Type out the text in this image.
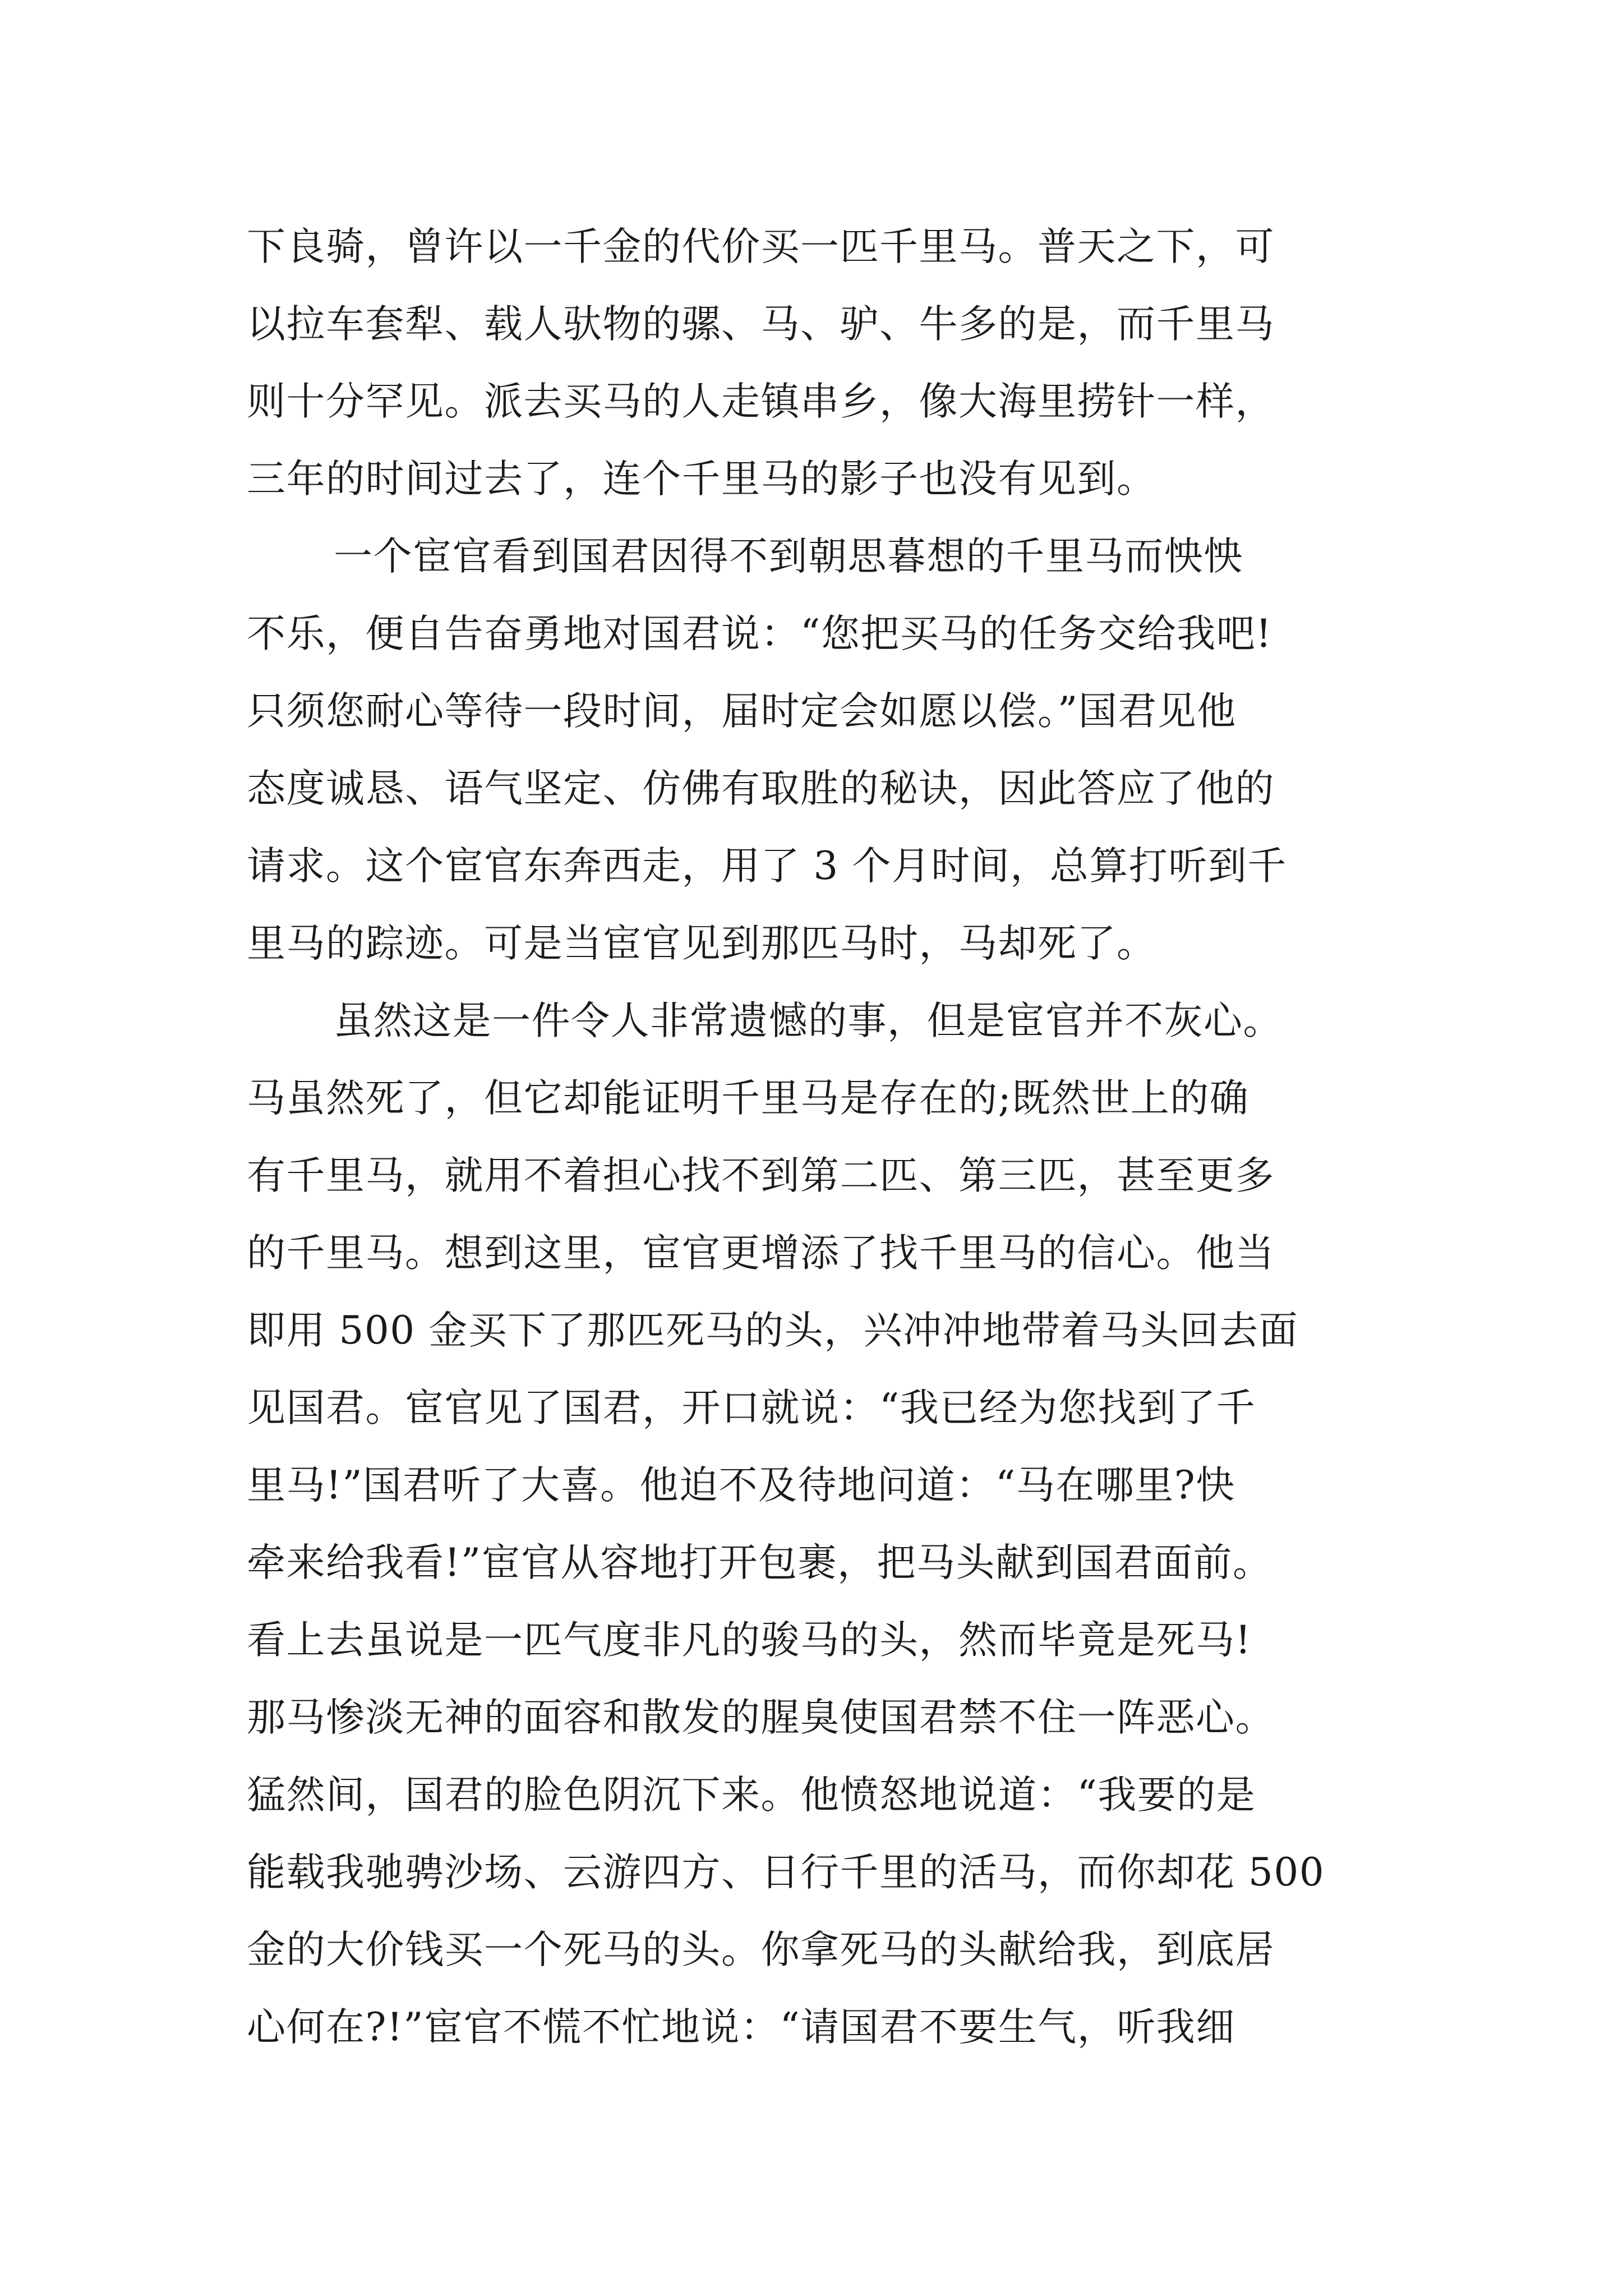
下良骑，曾许以一千金的代价买一匹千里马。普天之下，可
以拉车套犁、载人驮物的骡、马、驴、牛多的是，而千里马
则十分罕见。派去买马的人走镇串乡，像大海里捞针一样，
三年的时间过去了，连个千里马的影子也没有见到。
一个宦官看到国君因得不到朝思暮想的千里马而怏怏
不乐，便自告奋勇地对国君说：“您把买马的任务交给我吧!
只须您耐心等待一段时间，届时定会如愿以偿。”国君见他
态度诚恳、语气坚定、仿佛有取胜的秘诀，因此答应了他的
请求。这个宦官东奔西走，用了 3 个月时间，总算打听到千
里马的踪迹。可是当宦官见到那匹马时，马却死了。
虽然这是一件令人非常遗憾的事，但是宦官并不灰心。
马虽然死了，但它却能证明千里马是存在的;既然世上的确
有千里马，就用不着担心找不到第二匹、第三匹，甚至更多
的千里马。想到这里，宦官更增添了找千里马的信心。他当
即用 500 金买下了那匹死马的头，兴冲冲地带着马头回去面
见国君。宦官见了国君，开口就说：“我已经为您找到了千
里马!”国君听了大喜。他迫不及待地问道：“马在哪里?快
牵来给我看!”宦官从容地打开包裹，把马头献到国君面前。
看上去虽说是一匹气度非凡的骏马的头，然而毕竟是死马!
那马惨淡无神的面容和散发的腥臭使国君禁不住一阵恶心。
猛然间，国君的脸色阴沉下来。他愤怒地说道：“我要的是
能载我驰骋沙场、云游四方、日行千里的活马，而你却花 500
金的大价钱买一个死马的头。你拿死马的头献给我，到底居
心何在?!”宦官不慌不忙地说：“请国君不要生气，听我细
